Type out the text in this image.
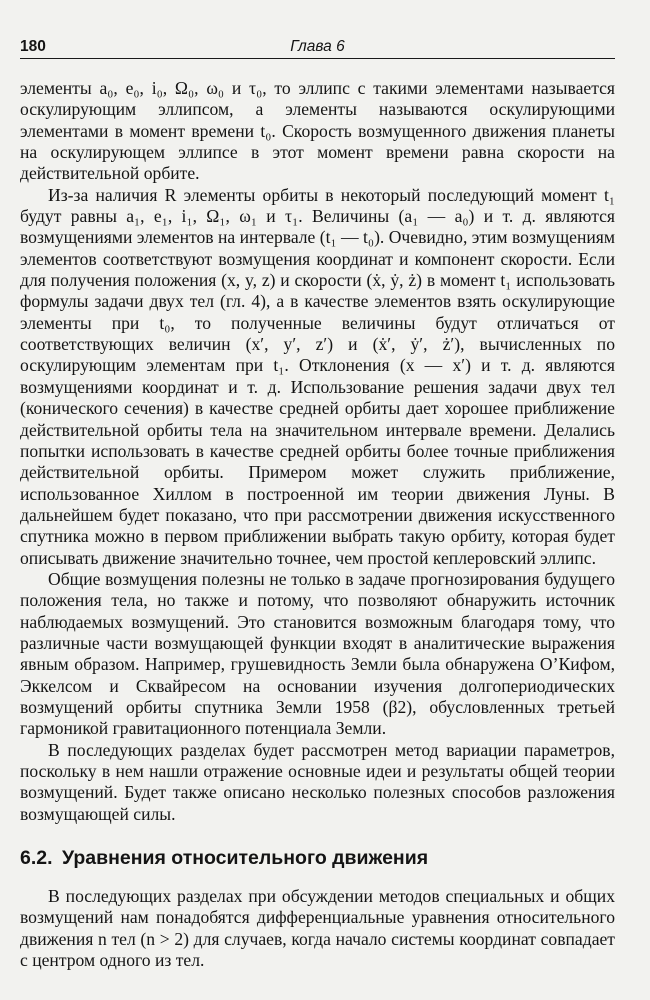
180	Глава 6

элементы a₀, e₀, i₀, Ω₀, ω₀ и τ₀, то эллипс с такими элементами называется оскулирующим эллипсом, а элементы называются оскулирующими элементами в момент времени t₀. Скорость возмущенного движения планеты на оскулирующем эллипсе в этот момент времени равна скорости на действительной орбите.

Из-за наличия R элементы орбиты в некоторый последующий момент t₁ будут равны a₁, e₁, i₁, Ω₁, ω₁ и τ₁. Величины (a₁ — a₀) и т. д. являются возмущениями элементов на интервале (t₁ — t₀). Очевидно, этим возмущениям элементов соответствуют возмущения координат и компонент скорости. Если для получения положения (x, y, z) и скорости (ẋ, ẏ, ż) в момент t₁ использовать формулы задачи двух тел (гл. 4), а в качестве элементов взять оскулирующие элементы при t₀, то полученные величины будут отличаться от соответствующих величин (x′, y′, z′) и (ẋ′, ẏ′, ż′), вычисленных по оскулирующим элементам при t₁. Отклонения (x — x′) и т. д. являются возмущениями координат и т. д. Использование решения задачи двух тел (конического сечения) в качестве средней орбиты дает хорошее приближение действительной орбиты тела на значительном интервале времени. Делались попытки использовать в качестве средней орбиты более точные приближения действительной орбиты. Примером может служить приближение, использованное Хиллом в построенной им теории движения Луны. В дальнейшем будет показано, что при рассмотрении движения искусственного спутника можно в первом приближении выбрать такую орбиту, которая будет описывать движение значительно точнее, чем простой кеплеровский эллипс.

Общие возмущения полезны не только в задаче прогнозирования будущего положения тела, но также и потому, что позволяют обнаружить источник наблюдаемых возмущений. Это становится возможным благодаря тому, что различные части возмущающей функции входят в аналитические выражения явным образом. Например, грушевидность Земли была обнаружена О’Кифом, Эккелсом и Сквайресом на основании изучения долгопериодических возмущений орбиты спутника Земли 1958 (β2), обусловленных третьей гармоникой гравитационного потенциала Земли.

В последующих разделах будет рассмотрен метод вариации параметров, поскольку в нем нашли отражение основные идеи и результаты общей теории возмущений. Будет также описано несколько полезных способов разложения возмущающей силы.

6.2. Уравнения относительного движения

В последующих разделах при обсуждении методов специальных и общих возмущений нам понадобятся дифференциальные уравнения относительного движения n тел (n > 2) для случаев, когда начало системы координат совпадает с центром одного из тел.
